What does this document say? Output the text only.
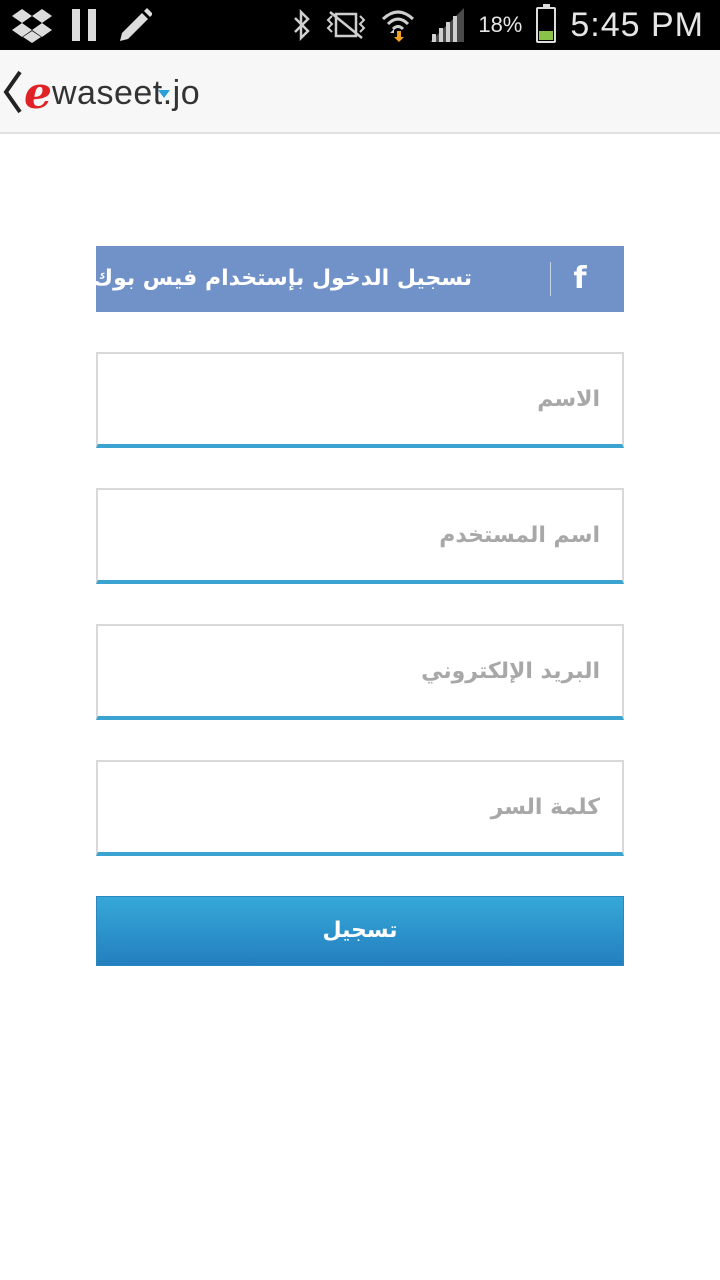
18% 5:45 PM
e waseet.jo
تسجيل الدخول بإستخدام فيس بوك	f
الاسم
اسم المستخدم
البريد الإلكتروني
تسجيل
